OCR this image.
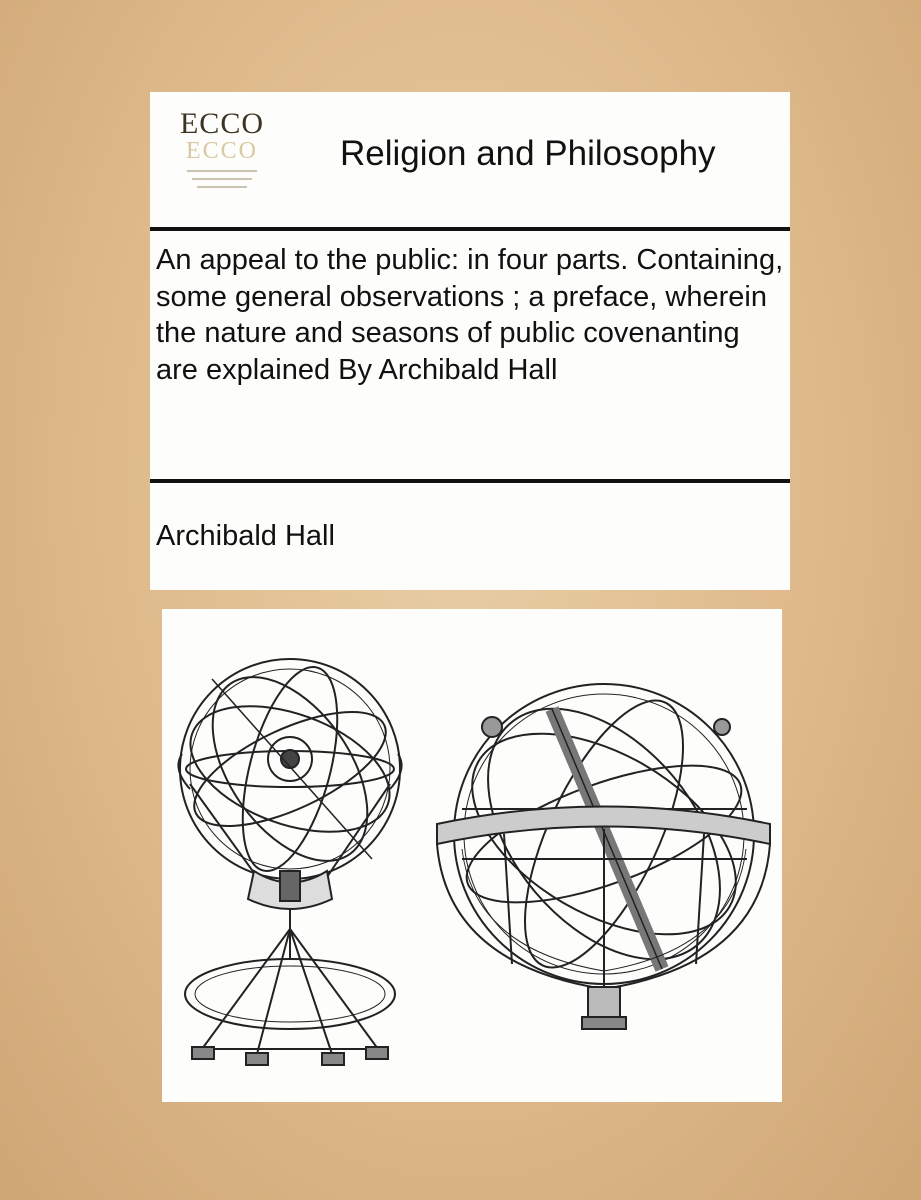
ECCO
ECCO	Religion and Philosophy
An appeal to the public: in four parts. Containing, some general observations ; a preface, wherein the nature and seasons of public covenanting are explained By Archibald Hall
Archibald Hall
